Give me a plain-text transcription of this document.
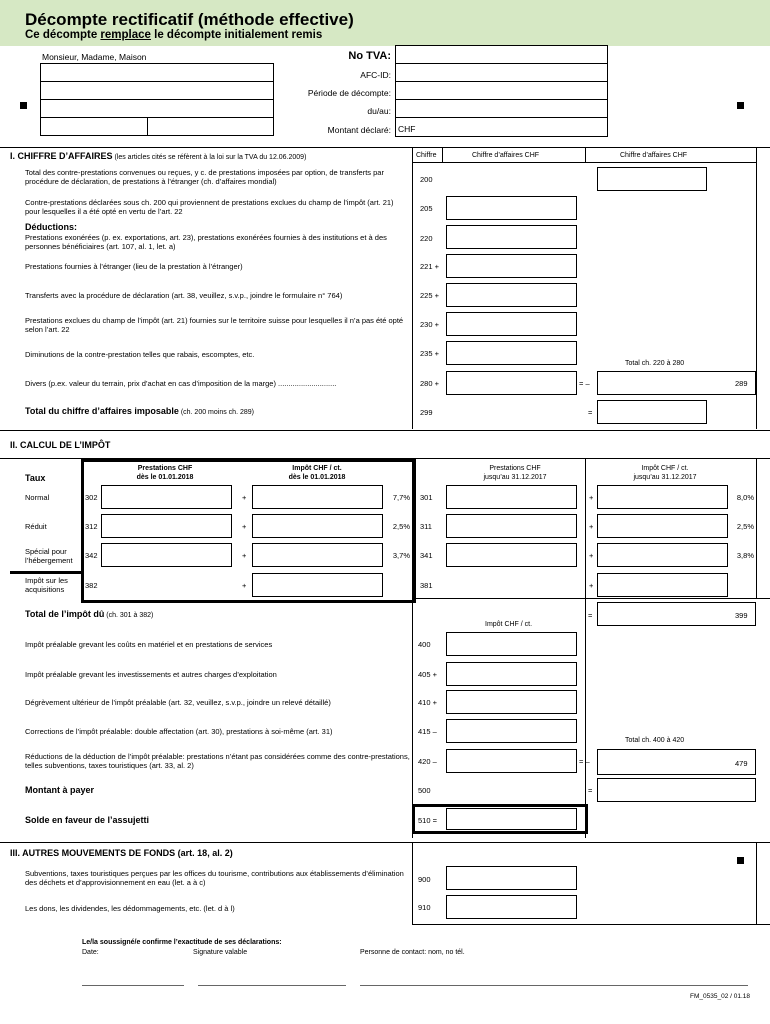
Décompte rectificatif (méthode effective)
Ce décompte remplace le décompte initialement remis
Monsieur, Madame, Maison	No TVA:
AFC-ID:
Période de décompte:
du/au:
Montant déclaré: CHF
I. CHIFFRE D’AFFAIRES (les articles cités se réfèrent à la loi sur la TVA du 12.06.2009)	Chiffre	Chiffre d’affaires CHF	Chiffre d’affaires CHF
Total des contre-prestations convenues ou reçues, y c. de prestations imposées par option, de transferts par procédure de déclaration, de prestations à l’étranger (ch. d’affaires mondial)	200
Contre-prestations déclarées sous ch. 200 qui proviennent de prestations exclues du champ de l’impôt (art. 21) pour lesquelles il a été opté en vertu de l’art. 22	205
Déductions:
Prestations exonérées (p. ex. exportations, art. 23), prestations exonérées fournies à des institutions et à des personnes bénéficiaires (art. 107, al. 1, let. a)
220
Prestations fournies à l’étranger (lieu de la prestation à l’étranger)	221 +
Transferts avec la procédure de déclaration (art. 38, veuillez, s.v.p., joindre le formulaire n° 764)	225 +
Prestations exclues du champ de l’impôt (art. 21) fournies sur le territoire suisse pour lesquelles il n’a pas été opté selon l’art. 22
230 +
Diminutions de la contre-prestation telles que rabais, escomptes, etc.	235 +
Total ch. 220 à 280
Divers (p.ex. valeur du terrain, prix d’achat en cas d’imposition de la marge) ............................	280 +	= –	289
Total du chiffre d’affaires imposable (ch. 200 moins ch. 289)	299	=
II. CALCUL DE L’IMPÔT
Taux
Prestations CHF
dès le 01.01.2018
Impôt CHF / ct.
dès le 01.01.2018
Prestations CHF
jusqu’au 31.12.2017
Impôt CHF / ct.
jusqu’au 31.12.2017
Normal	302	+	7,7% 301	+	8,0%
Réduit	312	+	2,5% 311	+	2,5%
Spécial pour l’hébergement
342	+	3,7% 341	+	3,8%
Impôt sur les acquisitions	382	+	381	+
Total de l’impôt dû (ch. 301 à 382)
Impôt CHF / ct.
=	399
Impôt préalable grevant les coûts en matériel et en prestations de services	400
Impôt préalable grevant les investissements et autres charges d’exploitation	405 +
Dégrèvement ultérieur de l’impôt préalable (art. 32, veuillez, s.v.p., joindre un relevé détaillé)	410 +
Corrections de l’impôt préalable: double affectation (art. 30), prestations à soi-même (art. 31)	415 –
Total ch. 400 à 420
Réductions de la déduction de l’impôt préalable: prestations n’étant pas considérées comme des contre-prestations, telles subventions, taxes touristiques (art. 33, al. 2)	420 –	= –	479
Montant à payer	500	=
Solde en faveur de l’assujetti	510 =
III. AUTRES MOUVEMENTS DE FONDS (art. 18, al. 2)
Subventions, taxes touristiques perçues par les offices du tourisme, contributions aux établissements d’élimination des déchets et d’approvisionnement en eau (let. a à c)	900
Les dons, les dividendes, les dédommagements, etc. (let. d à l)	910
Le/la soussigné/e confirme l’exactitude de ses déclarations:
Date:	Signature valable	Personne de contact: nom, no tél.
FM_0535_02 / 01.18
